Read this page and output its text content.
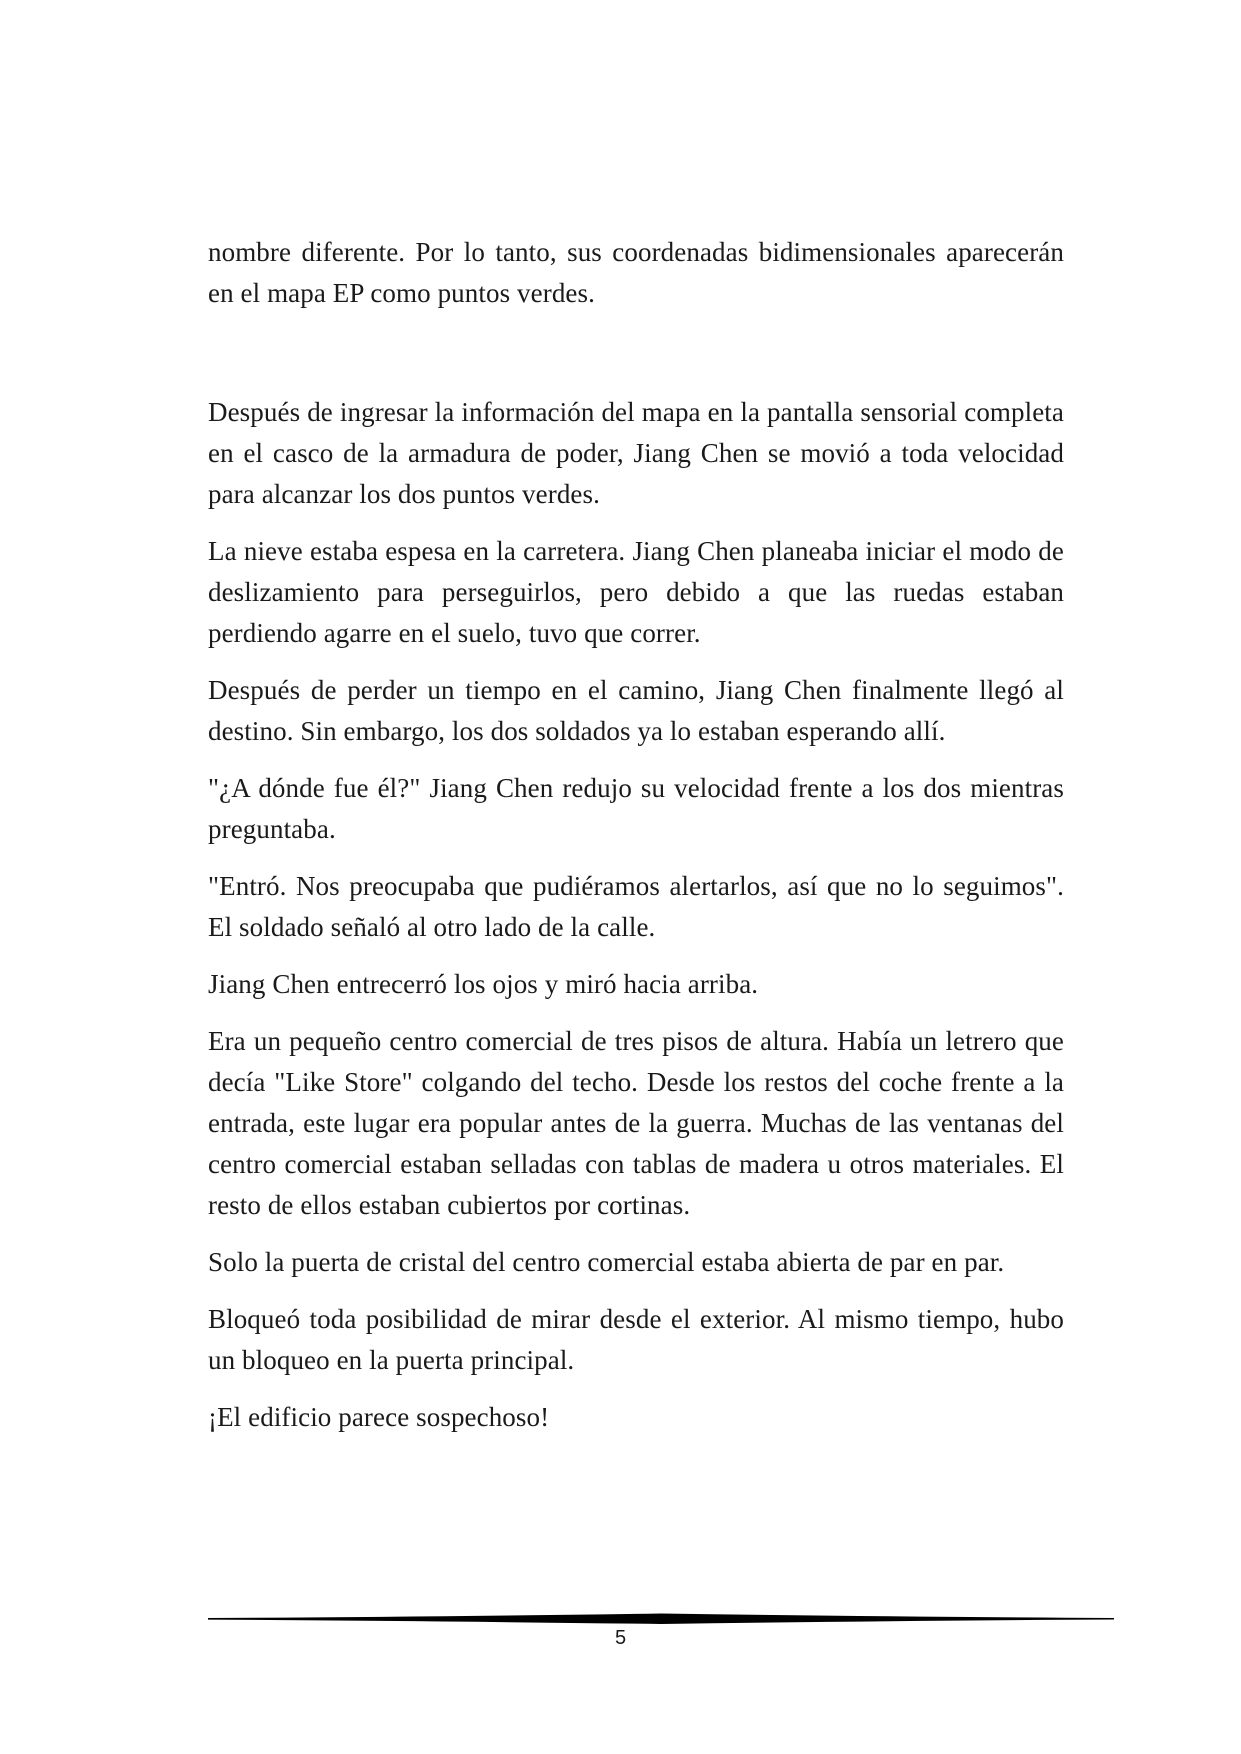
nombre diferente. Por lo tanto, sus coordenadas bidimensionales aparecerán en el mapa EP como puntos verdes.

Después de ingresar la información del mapa en la pantalla sensorial completa en el casco de la armadura de poder, Jiang Chen se movió a toda velocidad para alcanzar los dos puntos verdes.

La nieve estaba espesa en la carretera. Jiang Chen planeaba iniciar el modo de deslizamiento para perseguirlos, pero debido a que las ruedas estaban perdiendo agarre en el suelo, tuvo que correr.

Después de perder un tiempo en el camino, Jiang Chen finalmente llegó al destino. Sin embargo, los dos soldados ya lo estaban esperando allí.

"¿A dónde fue él?" Jiang Chen redujo su velocidad frente a los dos mientras preguntaba.

"Entró. Nos preocupaba que pudiéramos alertarlos, así que no lo seguimos". El soldado señaló al otro lado de la calle.

Jiang Chen entrecerró los ojos y miró hacia arriba.

Era un pequeño centro comercial de tres pisos de altura. Había un letrero que decía "Like Store" colgando del techo. Desde los restos del coche frente a la entrada, este lugar era popular antes de la guerra. Muchas de las ventanas del centro comercial estaban selladas con tablas de madera u otros materiales. El resto de ellos estaban cubiertos por cortinas.

Solo la puerta de cristal del centro comercial estaba abierta de par en par.

Bloqueó toda posibilidad de mirar desde el exterior. Al mismo tiempo, hubo un bloqueo en la puerta principal.

¡El edificio parece sospechoso!

5
